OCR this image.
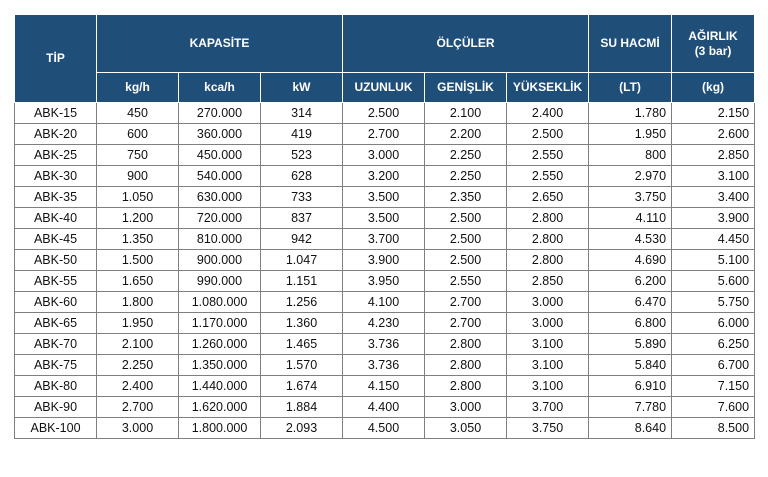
TİP	KAPASİTE			ÖLÇÜLER			SU HACMİ	AĞIRLIK
(3 bar)

	kg/h	kca/h	kW	UZUNLUK	GENİŞLİK	YÜKSEKLİK	(LT)	(kg)
ABK-15	450	270.000	314	2.500	2.100	2.400	1.780	2.150
ABK-20	600	360.000	419	2.700	2.200	2.500	1.950	2.600
ABK-25	750	450.000	523	3.000	2.250	2.550	800	2.850
ABK-30	900	540.000	628	3.200	2.250	2.550	2.970	3.100
ABK-35	1.050	630.000	733	3.500	2.350	2.650	3.750	3.400
ABK-40	1.200	720.000	837	3.500	2.500	2.800	4.110	3.900
ABK-45	1.350	810.000	942	3.700	2.500	2.800	4.530	4.450
ABK-50	1.500	900.000	1.047	3.900	2.500	2.800	4.690	5.100
ABK-55	1.650	990.000	1.151	3.950	2.550	2.850	6.200	5.600
ABK-60	1.800	1.080.000	1.256	4.100	2.700	3.000	6.470	5.750
ABK-65	1.950	1.170.000	1.360	4.230	2.700	3.000	6.800	6.000
ABK-70	2.100	1.260.000	1.465	3.736	2.800	3.100	5.890	6.250
ABK-75	2.250	1.350.000	1.570	3.736	2.800	3.100	5.840	6.700
ABK-80	2.400	1.440.000	1.674	4.150	2.800	3.100	6.910	7.150
ABK-90	2.700	1.620.000	1.884	4.400	3.000	3.700	7.780	7.600
ABK-100	3.000	1.800.000	2.093	4.500	3.050	3.750	8.640	8.500
